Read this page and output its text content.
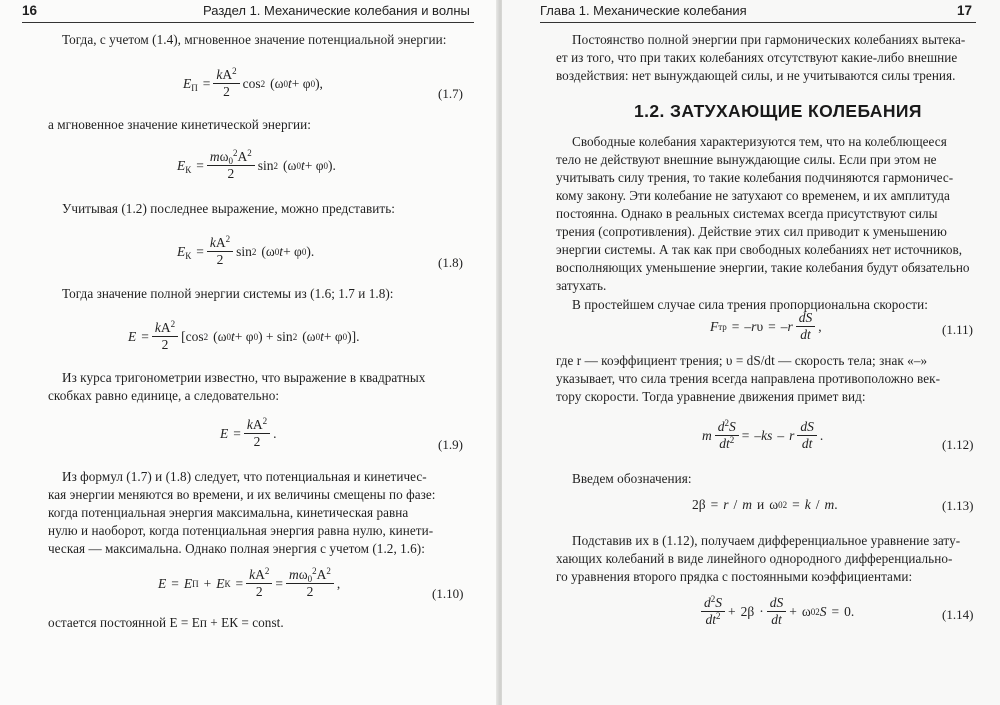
16	Раздел 1. Механические колебания и волны
Тогда, с учетом (1.4), мгновенное значение потенциальной энергии:
$E_П = \frac{kA^2}{2}$ cos 2 (ω 0 t + φ 0 ),
(1.7)
а мгновенное значение кинетической энергии:
$E_К = \frac{m\omega_0^2A^2}{2}$ sin 2 (ω 0 t + φ 0 ).
Учитывая (1.2) последнее выражение, можно представить:
$E_К = \frac{kA^2}{2}$ sin 2 (ω 0 t + φ 0 ).
(1.8)
Тогда значение полной энергии системы из (1.6; 1.7 и 1.8):
$E = \frac{kA^2}{2} [\cos$ 2 (ω 0 t + φ 0 ) + sin 2 (ω 0 t + φ 0 )].
Из курса тригонометрии известно, что выражение в квадратных
скобках равно единице, а следовательно:
$E = \frac{kA^2}{2}$ .
(1.9)
Из формул (1.7) и (1.8) следует, что потенциальная и кинетичес-
кая энергии меняются во времени, и их величины смещены по фазе:
когда потенциальная энергия максимальна, кинетическая равна
нулю и наоборот, когда потенциальная энергия равна нулю, кинети-
ческая — максимальна. Однако полная энергия с учетом (1.2, 1.6):
E = E П + E $К = \frac{kA^2}{2} = \frac{m\omega_0^2A^2}{2}$ ,
(1.10)
остается постоянной E = Eп + EК = const.
Глава 1. Механические колебания	17
Постоянство полной энергии при гармонических колебаниях вытека-
ет из того, что при таких колебаниях отсутствуют какие-либо внешние
воздействия: нет вынуждающей силы, и не учитываются силы трения.
1.2. ЗАТУХАЮЩИЕ КОЛЕБАНИЯ
Свободные колебания характеризуются тем, что на колеблющееся
тело не действуют внешние вынуждающие силы. Если при этом не
учитывать силу трения, то такие колебания подчиняются гармоничес-
кому закону. Эти колебание не затухают со временем, и их амплитуда
постоянна. Однако в реальных системах всегда присутствуют силы
трения (сопротивления). Действие этих сил приводит к уменьшению
энергии системы. А так как при свободных колебаниях нет источников,
восполняющих уменьшение энергии, такие колебания будут обязательно
затухать.
В простейшем случае сила трения пропорциональна скорости:
F тр = – r υ = – r $\frac{dS}{dt}$ ,	(1.11)
где r — коэффициент трения; υ = dS/dt — скорость тела; знак «–»
указывает, что сила трения всегда направлена противоположно век-
тору скорости. Тогда уравнение движения примет вид:
m $\frac{d^2S}{dt^2}$ = – ks – r $\frac{dS}{dt}$ .
(1.12)
Введем обозначения:
2β = r / m и ω 0 2 = k / m .	(1.13)
Подставив их в (1.12), получаем дифференциальное уравнение зату-
хающих колебаний в виде линейного однородного дифференциально-
го уравнения второго прядка с постоянными коэффициентами:
$\frac{d^2S}{dt^2} + 2\beta \cdot \frac{dS}{dt} + \omega$ 0 2 S = 0.	(1.14)
